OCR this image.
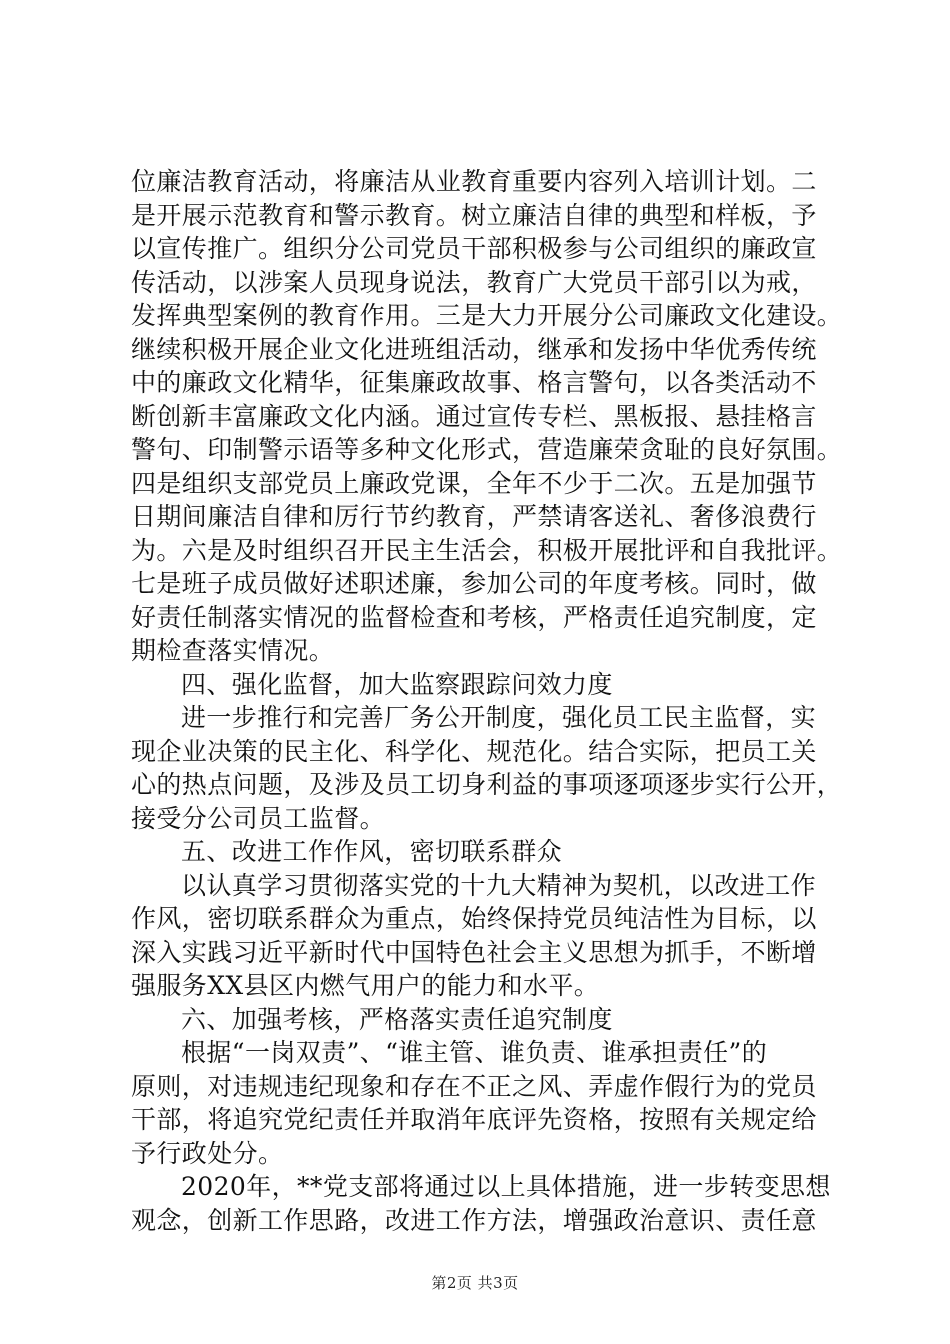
位廉洁教育活动，将廉洁从业教育重要内容列入培训计划。二
是开展示范教育和警示教育。树立廉洁自律的典型和样板，予
以宣传推广。组织分公司党员干部积极参与公司组织的廉政宣
传活动，以涉案人员现身说法，教育广大党员干部引以为戒，
发挥典型案例的教育作用。三是大力开展分公司廉政文化建设。
继续积极开展企业文化进班组活动，继承和发扬中华优秀传统
中的廉政文化精华，征集廉政故事、格言警句，以各类活动不
断创新丰富廉政文化内涵。通过宣传专栏、黑板报、悬挂格言
警句、印制警示语等多种文化形式，营造廉荣贪耻的良好氛围。
四是组织支部党员上廉政党课，全年不少于二次。五是加强节
日期间廉洁自律和厉行节约教育，严禁请客送礼、奢侈浪费行
为。六是及时组织召开民主生活会，积极开展批评和自我批评。
七是班子成员做好述职述廉，参加公司的年度考核。同时，做
好责任制落实情况的监督检查和考核，严格责任追究制度，定
期检查落实情况。
四、强化监督，加大监察跟踪问效力度
进一步推行和完善厂务公开制度，强化员工民主监督，实
现企业决策的民主化、科学化、规范化。结合实际，把员工关
心的热点问题，及涉及员工切身利益的事项逐项逐步实行公开，
接受分公司员工监督。
五、改进工作作风，密切联系群众
以认真学习贯彻落实党的十九大精神为契机，以改进工作
作风，密切联系群众为重点，始终保持党员纯洁性为目标，以
深入实践习近平新时代中国特色社会主义思想为抓手，不断增
强服务XX县区内燃气用户的能力和水平。
六、加强考核，严格落实责任追究制度
根据“一岗双责”、“谁主管、谁负责、谁承担责任”的
原则，对违规违纪现象和存在不正之风、弄虚作假行为的党员
干部，将追究党纪责任并取消年底评先资格，按照有关规定给
予行政处分。
2020年，**党支部将通过以上具体措施，进一步转变思想
观念，创新工作思路，改进工作方法，增强政治意识、责任意
第2页 共3页
